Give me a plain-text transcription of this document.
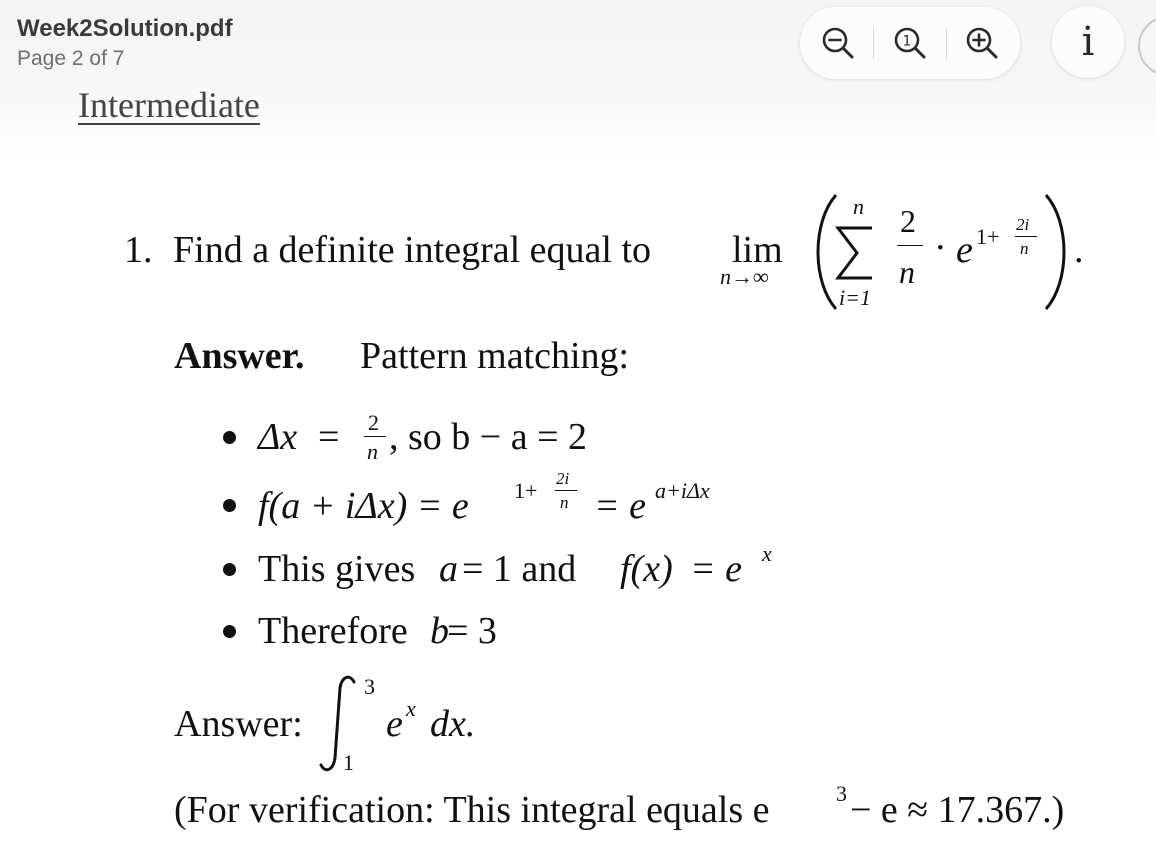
Week2Solution.pdf
Page 2 of 7
1	i
Intermediate
1. Find a definite integral equal to lim
n→∞
n
i=1
2
n
· e 1+ 2i
n .
Answer. Pattern matching:
Δx = 2
n , so b − a = 2
f(a + iΔx) = e 1+ 2i
n = e a+iΔx
This gives a = 1 and f(x) = e x
Therefore b
= 3
Answer:
3
1
e x dx.
(For verification: This integral equals e	3 − e ≈ 17.367.)
